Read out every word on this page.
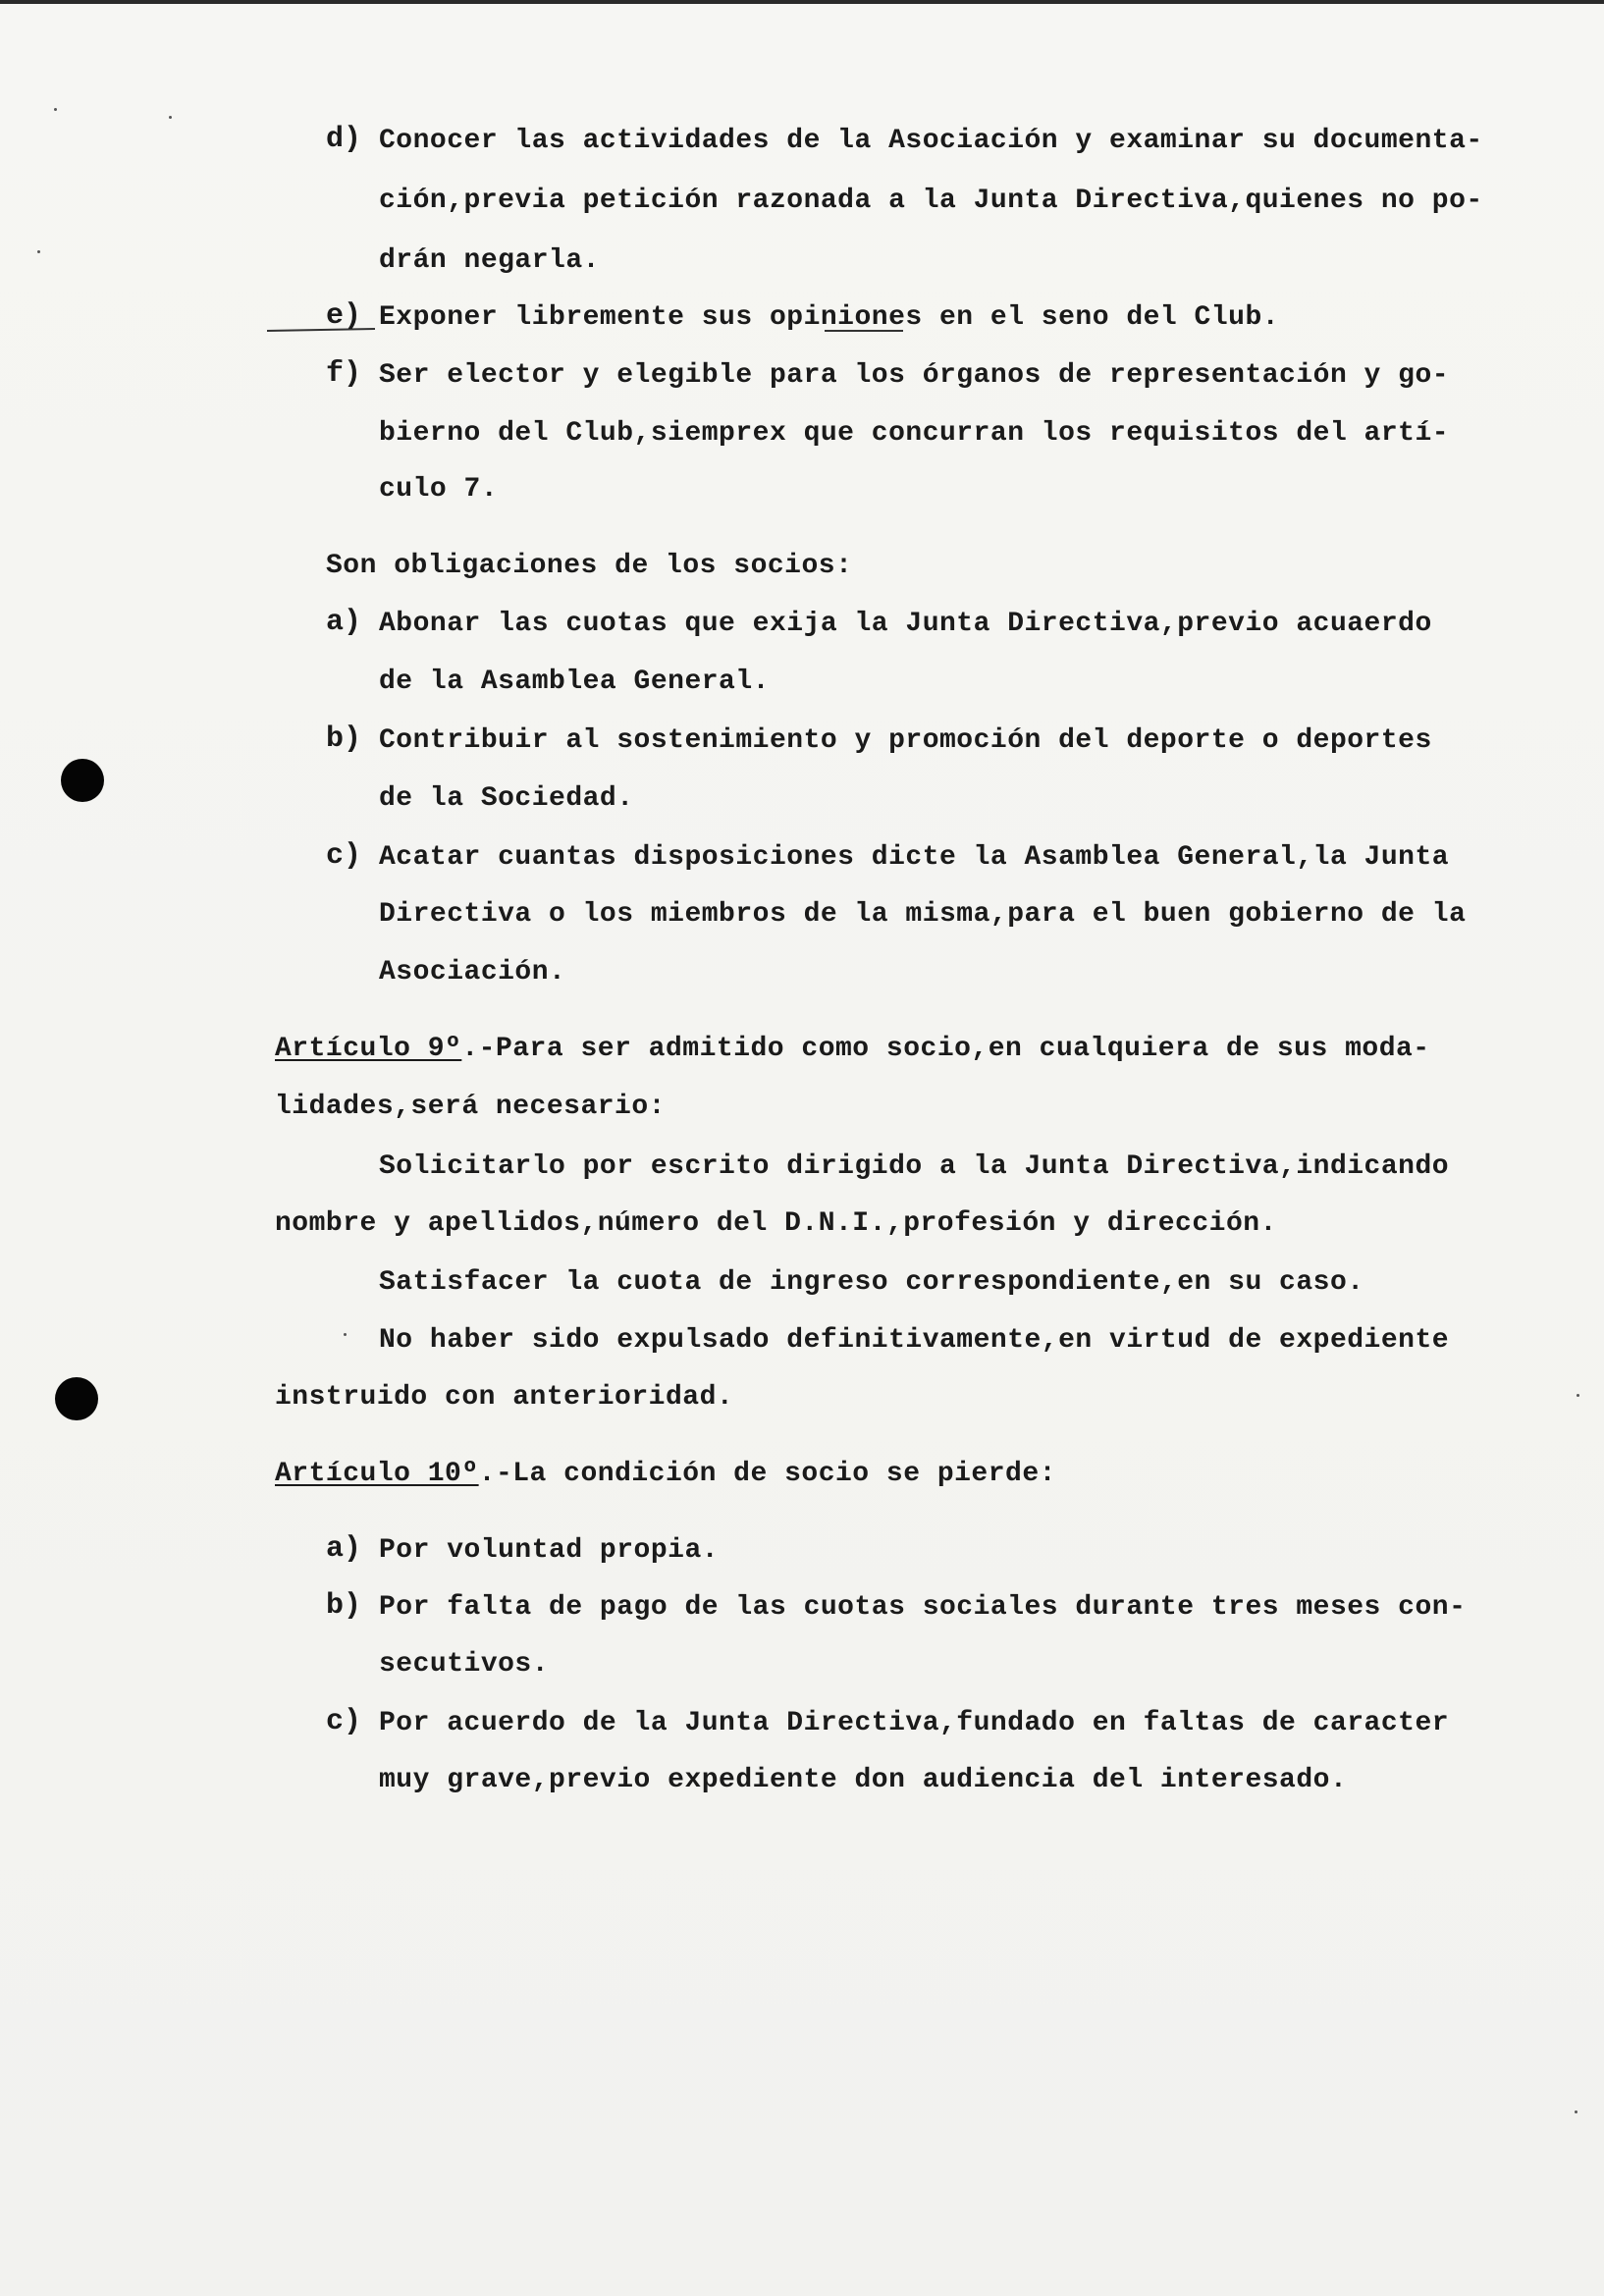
d) Conocer las actividades de la Asociación y examinar su documenta-
ción,previa petición razonada a la Junta Directiva,quienes no po-
drán negarla.
e) Exponer libremente sus opiniones en el seno del Club.
f) Ser elector y elegible para los órganos de representación y go-
bierno del Club,siemprex que concurran los requisitos del artí-
culo 7.
Son obligaciones de los socios:
a) Abonar las cuotas que exija la Junta Directiva,previo acuaerdo
de la Asamblea General.
b) Contribuir al sostenimiento y promoción del deporte o deportes
de la Sociedad.
c) Acatar cuantas disposiciones dicte la Asamblea General,la Junta
Directiva o los miembros de la misma,para el buen gobierno de la
Asociación.
Artículo 9º.-Para ser admitido como socio,en cualquiera de sus moda-
lidades,será necesario:
Solicitarlo por escrito dirigido a la Junta Directiva,indicando
nombre y apellidos,número del D.N.I.,profesión y dirección.
Satisfacer la cuota de ingreso correspondiente,en su caso.
No haber sido expulsado definitivamente,en virtud de expediente
instruido con anterioridad.
Artículo 10º.-La condición de socio se pierde:
a) Por voluntad propia.
b) Por falta de pago de las cuotas sociales durante tres meses con-
secutivos.
c) Por acuerdo de la Junta Directiva,fundado en faltas de caracter
muy grave,previo expediente don audiencia del interesado.
